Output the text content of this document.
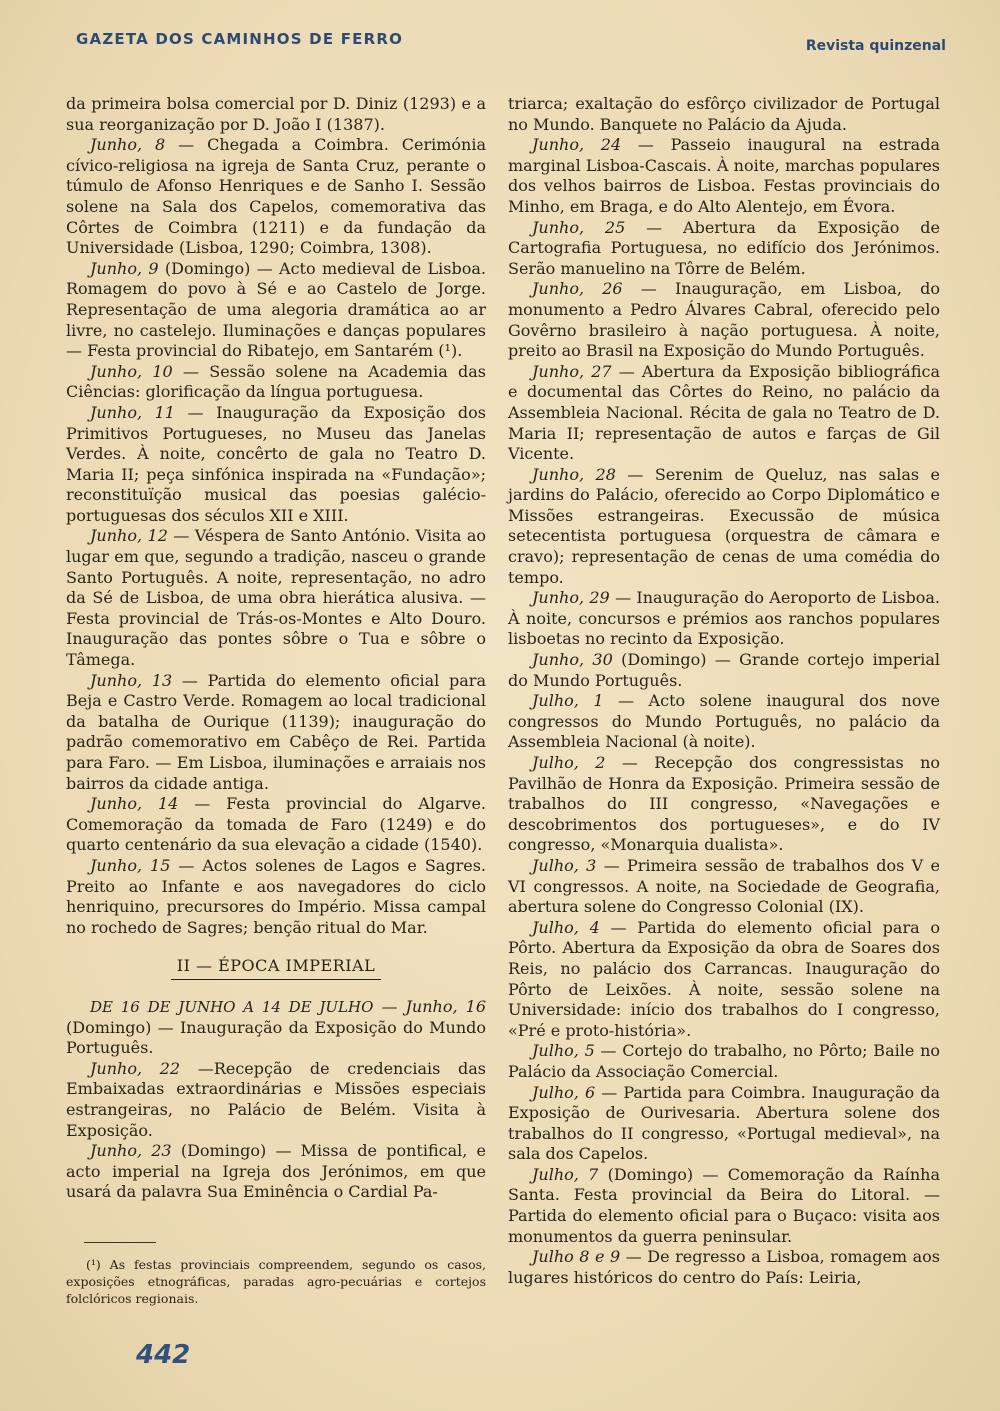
GAZETA DOS CAMINHOS DE FERRO	Revista quinzenal

da primeira bolsa comercial por D. Diniz (1293) e a sua reorganização por D. João I (1387).

Junho, 8 — Chegada a Coimbra. Cerimónia cívico-religiosa na igreja de Santa Cruz, perante o túmulo de Afonso Henriques e de Sanho I. Sessão solene na Sala dos Capelos, comemorativa das Côrtes de Coimbra (1211) e da fundação da Universidade (Lisboa, 1290; Coimbra, 1308).

Junho, 9 (Domingo) — Acto medieval de Lisboa. Romagem do povo à Sé e ao Castelo de Jorge. Representação de uma alegoria dramática ao ar livre, no castelejo. Iluminações e danças populares — Festa provincial do Ribatejo, em Santarém (¹).

Junho, 10 — Sessão solene na Academia das Ciências: glorificação da língua portuguesa.

Junho, 11 — Inauguração da Exposição dos Primitivos Portugueses, no Museu das Janelas Verdes. À noite, concêrto de gala no Teatro D. Maria II; peça sinfónica inspirada na «Fundação»; reconstituïção musical das poesias galécio-portuguesas dos séculos XII e XIII.

Junho, 12 — Véspera de Santo António. Visita ao lugar em que, segundo a tradição, nasceu o grande Santo Português. A noite, representação, no adro da Sé de Lisboa, de uma obra hierática alusiva. — Festa provincial de Trás-os-Montes e Alto Douro. Inauguração das pontes sôbre o Tua e sôbre o Tâmega.

Junho, 13 — Partida do elemento oficial para Beja e Castro Verde. Romagem ao local tradicional da batalha de Ourique (1139); inauguração do padrão comemorativo em Cabêço de Rei. Partida para Faro. — Em Lisboa, iluminações e arraiais nos bairros da cidade antiga.

Junho, 14 — Festa provincial do Algarve. Comemoração da tomada de Faro (1249) e do quarto centenário da sua elevação a cidade (1540).

Junho, 15 — Actos solenes de Lagos e Sagres. Preito ao Infante e aos navegadores do ciclo henriquino, precursores do Império. Missa campal no rochedo de Sagres; benção ritual do Mar.

II — ÉPOCA IMPERIAL

DE 16 DE JUNHO A 14 DE JULHO — Junho, 16 (Domingo) — Inauguração da Exposição do Mundo Português.

Junho, 22 —Recepção de credenciais das Embaixadas extraordinárias e Missões especiais estrangeiras, no Palácio de Belém. Visita à Exposição.

Junho, 23 (Domingo) — Missa de pontifical, e acto imperial na Igreja dos Jerónimos, em que usará da palavra Sua Eminência o Cardial Pa-

triarca; exaltação do esfôrço civilizador de Portugal no Mundo. Banquete no Palácio da Ajuda.

Junho, 24 — Passeio inaugural na estrada marginal Lisboa-Cascais. À noite, marchas populares dos velhos bairros de Lisboa. Festas provinciais do Minho, em Braga, e do Alto Alentejo, em Évora.

Junho, 25 — Abertura da Exposição de Cartografia Portuguesa, no edifício dos Jerónimos. Serão manuelino na Tôrre de Belém.

Junho, 26 — Inauguração, em Lisboa, do monumento a Pedro Álvares Cabral, oferecido pelo Govêrno brasileiro à nação portuguesa. À noite, preito ao Brasil na Exposição do Mundo Português.

Junho, 27 — Abertura da Exposição bibliográfica e documental das Côrtes do Reino, no palácio da Assembleia Nacional. Récita de gala no Teatro de D. Maria II; representação de autos e farças de Gil Vicente.

Junho, 28 — Serenim de Queluz, nas salas e jardins do Palácio, oferecido ao Corpo Diplomático e Missões estrangeiras. Execussão de música setecentista portuguesa (orquestra de câmara e cravo); representação de cenas de uma comédia do tempo.

Junho, 29 — Inauguração do Aeroporto de Lisboa. À noite, concursos e prémios aos ranchos populares lisboetas no recinto da Exposição.

Junho, 30 (Domingo) — Grande cortejo imperial do Mundo Português.

Julho, 1 — Acto solene inaugural dos nove congressos do Mundo Português, no palácio da Assembleia Nacional (à noite).

Julho, 2 — Recepção dos congressistas no Pavilhão de Honra da Exposição. Primeira sessão de trabalhos do III congresso, «Navegações e descobrimentos dos portugueses», e do IV congresso, «Monarquia dualista».

Julho, 3 — Primeira sessão de trabalhos dos V e VI congressos. A noite, na Sociedade de Geografia, abertura solene do Congresso Colonial (IX).

Julho, 4 — Partida do elemento oficial para o Pôrto. Abertura da Exposição da obra de Soares dos Reis, no palácio dos Carrancas. Inauguração do Pôrto de Leixões. À noite, sessão solene na Universidade: início dos trabalhos do I congresso, «Pré e proto-história».

Julho, 5 — Cortejo do trabalho, no Pôrto; Baile no Palácio da Associação Comercial.

Julho, 6 — Partida para Coimbra. Inauguração da Exposição de Ourivesaria. Abertura solene dos trabalhos do II congresso, «Portugal medieval», na sala dos Capelos.

Julho, 7 (Domingo) — Comemoração da Raínha Santa. Festa provincial da Beira do Litoral. — Partida do elemento oficial para o Buçaco: visita aos monumentos da guerra peninsular.

Julho 8 e 9 — De regresso a Lisboa, romagem aos lugares históricos do centro do País: Leiria,

(¹) As festas provinciais compreendem, segundo os casos, exposições etnográficas, paradas agro-pecuárias e cortejos folclóricos regionais.
442
